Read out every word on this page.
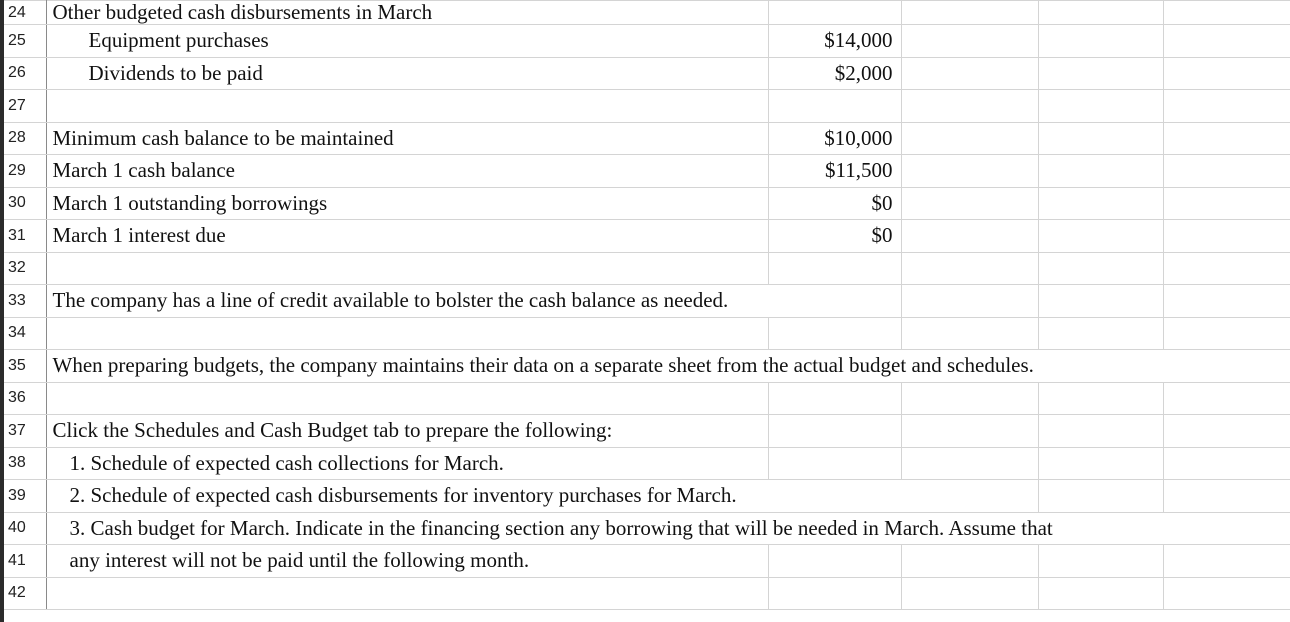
24	Other budgeted cash disbursements in March					
25	Equipment purchases	$14,000				
26	Dividends to be paid	$2,000				
27						
28	Minimum cash balance to be maintained	$10,000				
29	March 1 cash balance	$11,500				
30	March 1 outstanding borrowings	$0				
31	March 1 interest due	$0				
32						
33	The company has a line of credit available to bolster the cash balance as needed.					
34						
35	When preparing budgets, the company maintains their data on a separate sheet from the actual budget and schedules.					
36						
37	Click the Schedules and Cash Budget tab to prepare the following:					
38	1. Schedule of expected cash collections for March.					
39	2. Schedule of expected cash disbursements for inventory purchases for March.					
40	3. Cash budget for March. Indicate in the financing section any borrowing that will be needed in March. Assume that					
41	any interest will not be paid until the following month.					
42						
